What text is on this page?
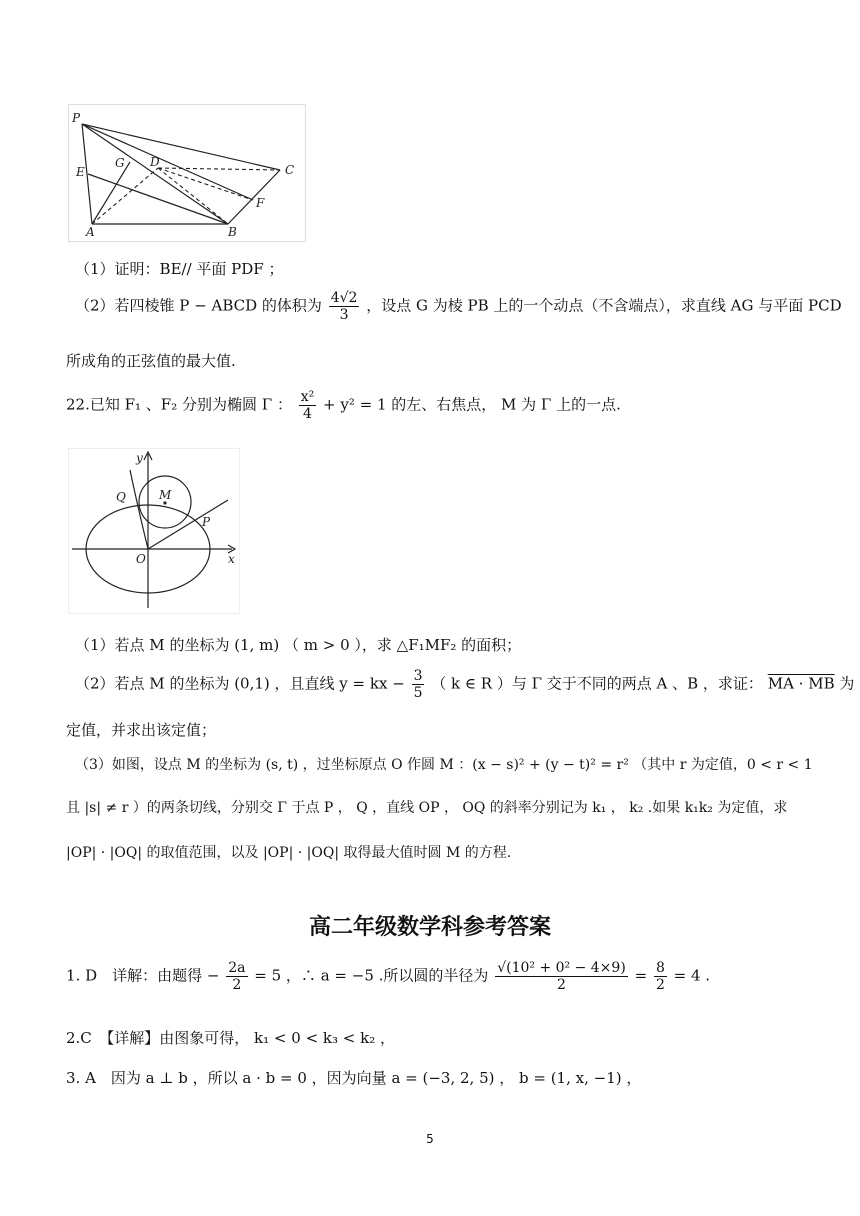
P
E
G D
C
F
A	B
（1）证明：BE// 平面 PDF ；
（2）若四棱锥 P − ABCD 的体积为 $\frac{4√2}{3}$ ，设点 G 为棱 PB 上的一个动点（不含端点），求直线 AG 与平面 PCD
所成角的正弦值的最大值.
22.已知 F₁ 、F₂ 分别为椭圆 Γ ： $\frac{\text{x²}}{4} + y^2 = 1$ 的左、右焦点， M 为 Γ 上的一点.
y
Q	M
P
O	x
（1）若点 M 的坐标为 (1, m) （ m > 0 ），求 △F₁MF₂ 的面积；
（2）若点 M 的坐标为 (0,1) ，且直线 y = kx − $\frac{3}{5}$ （ k ∈ R ）与 Γ 交于不同的两点 A 、B ，求证： MA · MB 为
定值，并求出该定值；
（3）如图，设点 M 的坐标为 (s, t) ，过坐标原点 O 作圆 M ：(x − s)² + (y − t)² = r² （其中 r 为定值，0 < r < 1
且 |s| ≠ r ）的两条切线，分别交 Γ 于点 P ， Q ，直线 OP ， OQ 的斜率分别记为 k₁ ， k₂ .如果 k₁k₂ 为定值，求
|OP| · |OQ| 的取值范围，以及 |OP| · |OQ| 取得最大值时圆 M 的方程.
高二年级数学科参考答案
1. D　详解：由题得 − $\frac{2a}{2} = 5$ ，∴ a = −5 .所以圆的半径为 $\frac{\text{√(10² + 0² − 4×9)}}{2} = \frac{8}{2} = 4$ .
2.C　【详解】由图象可得， k₁ < 0 < k₃ < k₂ ，
3. A　因为 a ⊥ b ，所以 a · b = 0 ，因为向量 a = (−3, 2, 5) ， b = (1, x, −1) ，
5
